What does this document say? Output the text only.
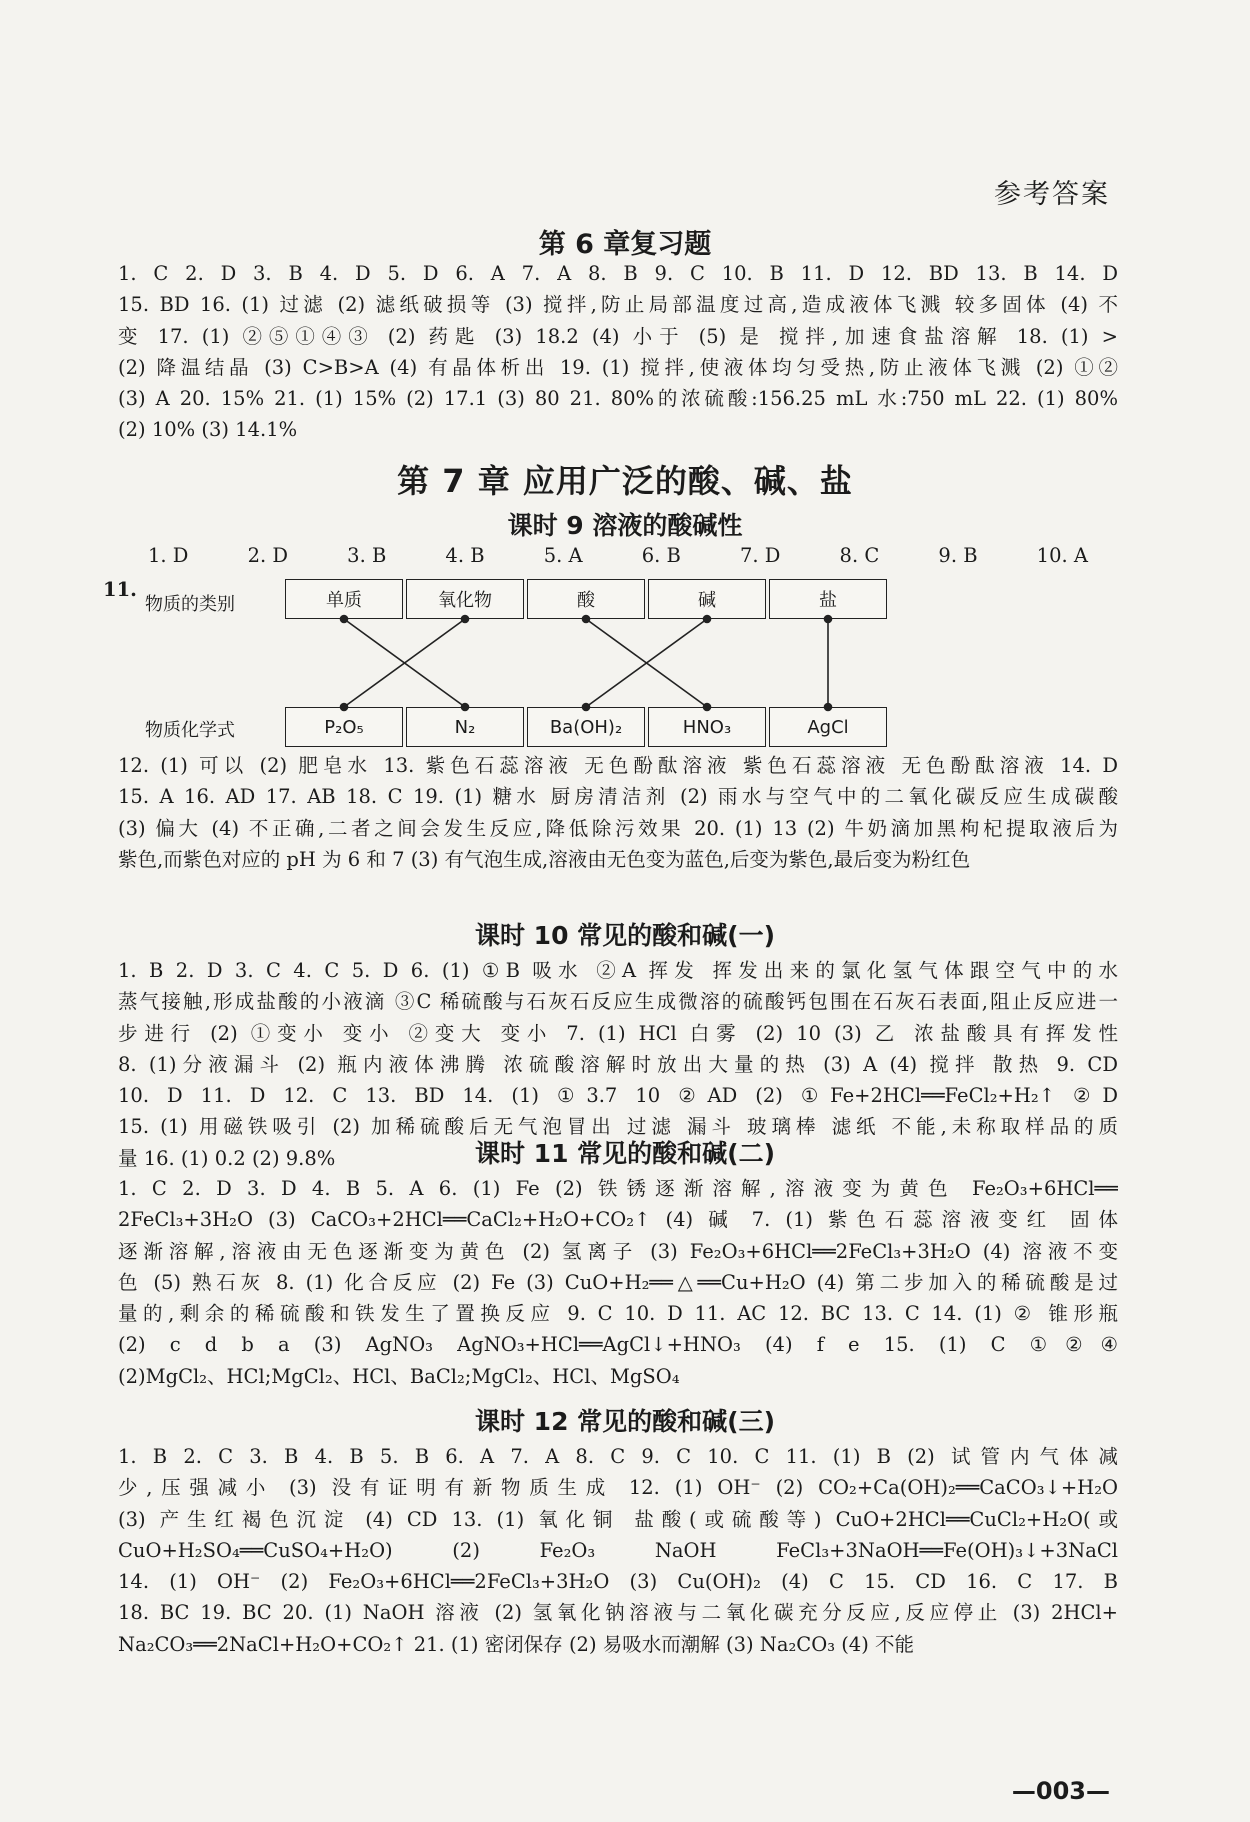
参考答案
第 6 章复习题
1. C 2. D 3. B 4. D 5. D 6. A 7. A 8. B 9. C 10. B 11. D 12. BD 13. B 14. D
15. BD 16. (1) 过滤 (2) 滤纸破损等 (3) 搅拌,防止局部温度过高,造成液体飞溅 较多固体 (4) 不
变 17. (1) ②⑤①④③ (2) 药匙 (3) 18.2 (4) 小于 (5) 是 搅拌,加速食盐溶解 18. (1) >
(2) 降温结晶 (3) C>B>A (4) 有晶体析出 19. (1) 搅拌,使液体均匀受热,防止液体飞溅 (2) ①②
(3) A 20. 15% 21. (1) 15% (2) 17.1 (3) 80 21. 80%的浓硫酸:156.25 mL 水:750 mL 22. (1) 80%
(2) 10% (3) 14.1%
第 7 章 应用广泛的酸、碱、盐
课时 9 溶液的酸碱性
1. D	2. D	3. B	4. B	5. A	6. B	7. D	8. C	9. B	10. A
11.
物质的类别
物质化学式
单质	氧化物	酸	碱	盐
P₂O₅	N₂	Ba(OH)₂	HNO₃	AgCl
12. (1) 可以 (2) 肥皂水 13. 紫色石蕊溶液 无色酚酞溶液 紫色石蕊溶液 无色酚酞溶液 14. D
15. A 16. AD 17. AB 18. C 19. (1) 糖水 厨房清洁剂 (2) 雨水与空气中的二氧化碳反应生成碳酸
(3) 偏大 (4) 不正确,二者之间会发生反应,降低除污效果 20. (1) 13 (2) 牛奶滴加黑枸杞提取液后为
紫色,而紫色对应的 pH 为 6 和 7 (3) 有气泡生成,溶液由无色变为蓝色,后变为紫色,最后变为粉红色
课时 10 常见的酸和碱(一)
1. B 2. D 3. C 4. C 5. D 6. (1) ①B 吸水 ②A 挥发 挥发出来的氯化氢气体跟空气中的水
蒸气接触,形成盐酸的小液滴 ③C 稀硫酸与石灰石反应生成微溶的硫酸钙包围在石灰石表面,阻止反应进一
步进行 (2) ①变小 变小 ②变大 变小 7. (1) HCl 白雾 (2) 10 (3) 乙 浓盐酸具有挥发性
8. (1)分液漏斗 (2) 瓶内液体沸腾 浓硫酸溶解时放出大量的热 (3) A (4) 搅拌 散热 9. CD
10. D 11. D 12. C 13. BD 14. (1) ①3.7 10 ②AD (2) ①Fe+2HCl══FeCl₂+H₂↑ ②D
15. (1) 用磁铁吸引 (2) 加稀硫酸后无气泡冒出 过滤 漏斗 玻璃棒 滤纸 不能,未称取样品的质
量 16. (1) 0.2 (2) 9.8%	课时 11 常见的酸和碱(二)
1. C 2. D 3. D 4. B 5. A 6. (1) Fe (2) 铁锈逐渐溶解,溶液变为黄色 Fe₂O₃+6HCl══
2FeCl₃+3H₂O (3) CaCO₃+2HCl══CaCl₂+H₂O+CO₂↑ (4) 碱 7. (1) 紫色石蕊溶液变红 固体
逐渐溶解,溶液由无色逐渐变为黄色 (2) 氢离子 (3) Fe₂O₃+6HCl══2FeCl₃+3H₂O (4) 溶液不变
色 (5) 熟石灰 8. (1) 化合反应 (2) Fe (3) CuO+H₂══△══Cu+H₂O (4) 第二步加入的稀硫酸是过
量的,剩余的稀硫酸和铁发生了置换反应 9. C 10. D 11. AC 12. BC 13. C 14. (1) ② 锥形瓶
(2) c d b a (3) AgNO₃ AgNO₃+HCl══AgCl↓+HNO₃ (4) f e 15. (1) C ①②④
(2)MgCl₂、HCl;MgCl₂、HCl、BaCl₂;MgCl₂、HCl、MgSO₄
课时 12 常见的酸和碱(三)
1. B 2. C 3. B 4. B 5. B 6. A 7. A 8. C 9. C 10. C 11. (1) B (2) 试管内气体减
少,压强减小 (3) 没有证明有新物质生成 12. (1) OH⁻ (2) CO₂+Ca(OH)₂══CaCO₃↓+H₂O
(3) 产生红褐色沉淀 (4) CD 13. (1) 氧化铜 盐酸(或硫酸等) CuO+2HCl══CuCl₂+H₂O(或
CuO+H₂SO₄══CuSO₄+H₂O) (2) Fe₂O₃ NaOH FeCl₃+3NaOH══Fe(OH)₃↓+3NaCl
14. (1) OH⁻ (2) Fe₂O₃+6HCl══2FeCl₃+3H₂O (3) Cu(OH)₂ (4) C 15. CD 16. C 17. B
18. BC 19. BC 20. (1) NaOH 溶液 (2) 氢氧化钠溶液与二氧化碳充分反应,反应停止 (3) 2HCl+
Na₂CO₃══2NaCl+H₂O+CO₂↑ 21. (1) 密闭保存 (2) 易吸水而潮解 (3) Na₂CO₃ (4) 不能
—003—
